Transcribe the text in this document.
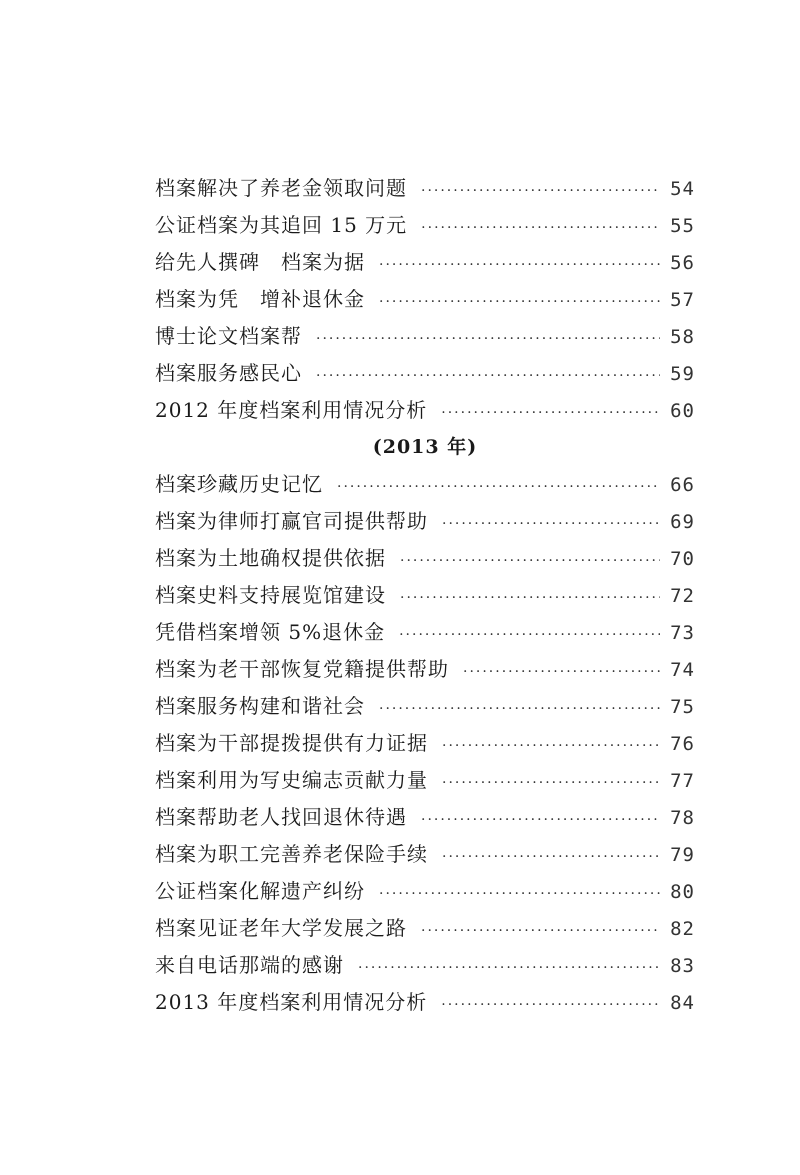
档案解决了养老金领取问题 ·····	54
公证档案为其追回 15 万元 ·····	55
给先人撰碑　档案为据 ·····	56
档案为凭　增补退休金 ·····	57
博士论文档案帮 ·····	58
档案服务感民心 ·····	59
2012 年度档案利用情况分析 ·····	60
(2013 年)
档案珍藏历史记忆 ·····	66
档案为律师打赢官司提供帮助 ·····	69
档案为土地确权提供依据 ·····	70
档案史料支持展览馆建设 ·····	72
凭借档案增领 5%退休金 ·····	73
档案为老干部恢复党籍提供帮助 ·····	74
档案服务构建和谐社会 ·····	75
档案为干部提拨提供有力证据 ·····	76
档案利用为写史编志贡献力量 ·····	77
档案帮助老人找回退休待遇 ·····	78
档案为职工完善养老保险手续 ·····	79
公证档案化解遗产纠纷 ·····	80
档案见证老年大学发展之路 ·····	82
来自电话那端的感谢 ·····	83
2013 年度档案利用情况分析 ·····	84
